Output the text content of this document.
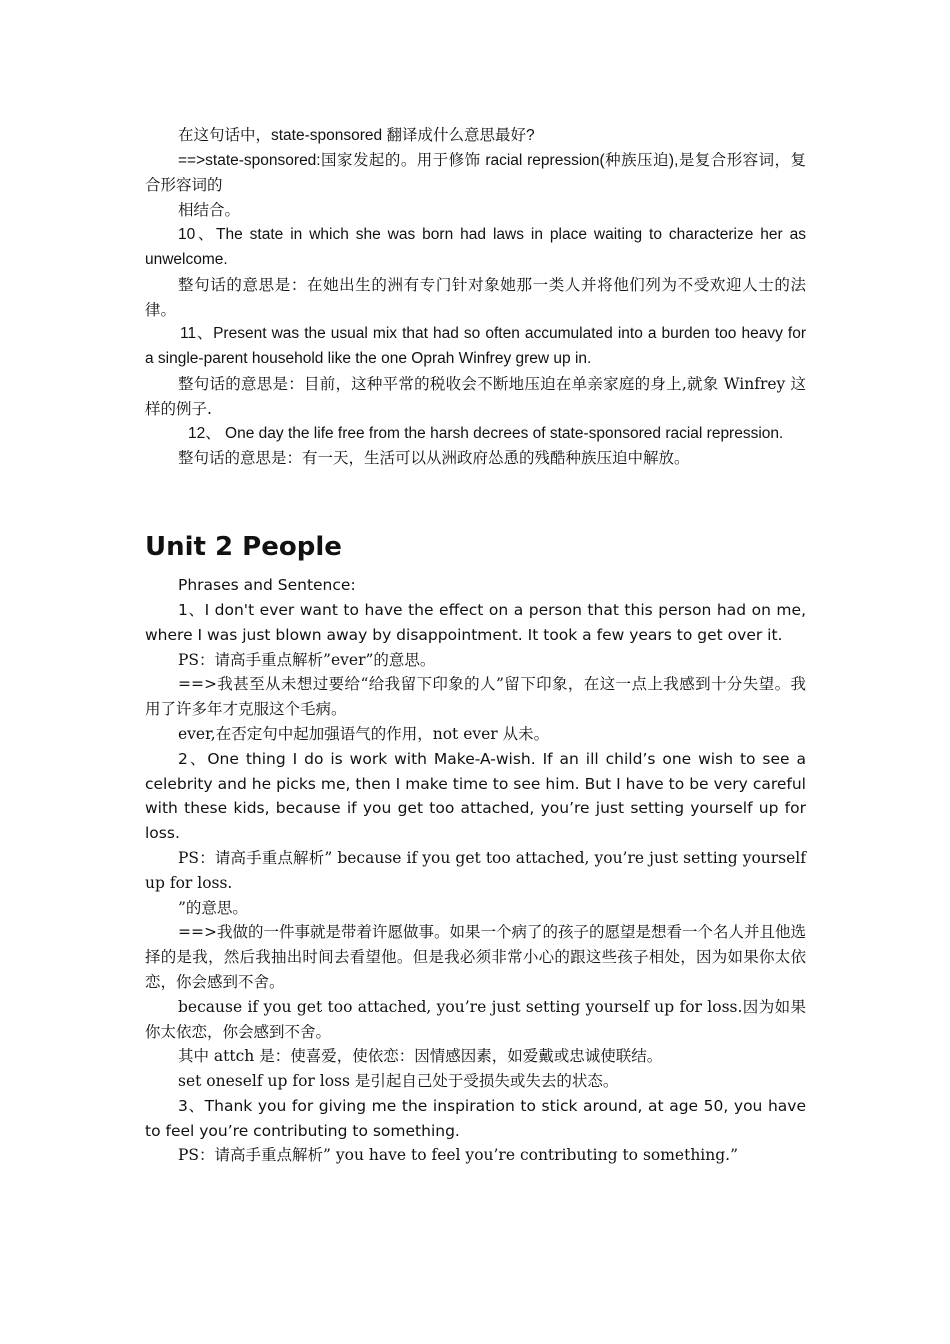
在这句话中，state-sponsored 翻译成什么意思最好?

==>state-sponsored:国家发起的。用于修饰 racial repression(种族压迫),是复合形容词，复合形容词的

相结合。

10、The state in which she was born had laws in place waiting to characterize her as unwelcome.

整句话的意思是：在她出生的洲有专门针对象她那一类人并将他们列为不受欢迎人士的法律。

11、Present was the usual mix that had so often accumulated into a burden too heavy for a single-parent household like the one Oprah Winfrey grew up in.

整句话的意思是：目前，这种平常的税收会不断地压迫在单亲家庭的身上,就象 Winfrey 这样的例子.

12、 One day the life free from the harsh decrees of state-sponsored racial repression.

整句话的意思是：有一天，生活可以从洲政府怂恿的残酷种族压迫中解放。

Unit 2 People

Phrases and Sentence:

1、I don't ever want to have the effect on a person that this person had on me, where I was just blown away by disappointment. It took a few years to get over it.

PS：请高手重点解析”ever”的意思。

==>我甚至从未想过要给“给我留下印象的人”留下印象，在这一点上我感到十分失望。我用了许多年才克服这个毛病。

ever,在否定句中起加强语气的作用，not ever 从未。

2、One thing I do is work with Make-A-wish. If an ill child’s one wish to see a celebrity and he picks me, then I make time to see him. But I have to be very careful with these kids, because if you get too attached, you’re just setting yourself up for loss.

PS：请高手重点解析” because if you get too attached, you’re just setting yourself up for loss.

”的意思。

==>我做的一件事就是带着许愿做事。如果一个病了的孩子的愿望是想看一个名人并且他选择的是我，然后我抽出时间去看望他。但是我必须非常小心的跟这些孩子相处，因为如果你太依恋，你会感到不舍。

because if you get too attached, you’re just setting yourself up for loss.因为如果你太依恋，你会感到不舍。

其中 attch 是：使喜爱，使依恋：因情感因素，如爱戴或忠诚使联结。

set oneself up for loss 是引起自己处于受损失或失去的状态。

3、Thank you for giving me the inspiration to stick around, at age 50, you have to feel you’re contributing to something.

PS：请高手重点解析” you have to feel you’re contributing to something.”
